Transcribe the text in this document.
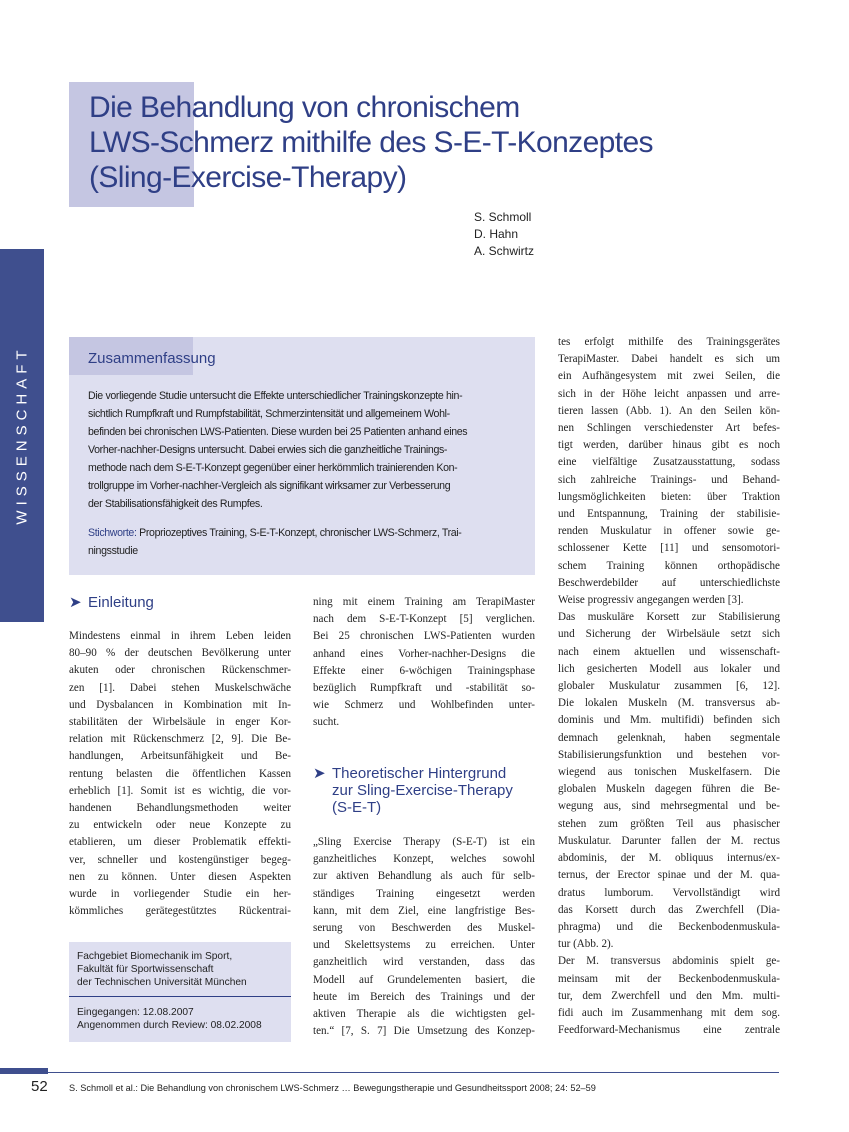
WISSENSCHAFT
Die Behandlung von chronischem
LWS-Schmerz mithilfe des S-E-T-Konzeptes
(Sling-Exercise-Therapy)
S. Schmoll
D. Hahn
A. Schwirtz
Zusammenfassung
Die vorliegende Studie untersucht die Effekte unterschiedlicher Trainingskonzepte hin-
sichtlich Rumpfkraft und Rumpfstabilität, Schmerzintensität und allgemeinem Wohl-
befinden bei chronischen LWS-Patienten. Diese wurden bei 25 Patienten anhand eines
Vorher-nachher-Designs untersucht. Dabei erwies sich die ganzheitliche Trainings-
methode nach dem S-E-T-Konzept gegenüber einer herkömmlich trainierenden Kon-
trollgruppe im Vorher-nachher-Vergleich als signifikant wirksamer zur Verbesserung
der Stabilisationsfähigkeit des Rumpfes.
Stichworte: Propriozeptives Training, S-E-T-Konzept, chronischer LWS-Schmerz, Trai-
ningsstudie
➤ Einleitung
Mindestens einmal in ihrem Leben leiden
80–90 % der deutschen Bevölkerung unter
akuten oder chronischen Rückenschmer-
zen [1]. Dabei stehen Muskelschwäche
und Dysbalancen in Kombination mit In-
stabilitäten der Wirbelsäule in enger Kor-
relation mit Rückenschmerz [2, 9]. Die Be-
handlungen, Arbeitsunfähigkeit und Be-
rentung belasten die öffentlichen Kassen
erheblich [1]. Somit ist es wichtig, die vor-
handenen Behandlungsmethoden weiter
zu entwickeln oder neue Konzepte zu
etablieren, um dieser Problematik effekti-
ver, schneller und kostengünstiger begeg-
nen zu können. Unter diesen Aspekten
wurde in vorliegender Studie ein her-
kömmliches gerätegestütztes Rückentrai-
Fachgebiet Biomechanik im Sport,
Fakultät für Sportwissenschaft
der Technischen Universität München
Eingegangen: 12.08.2007
Angenommen durch Review: 08.02.2008
ning mit einem Training am TerapiMaster
nach dem S-E-T-Konzept [5] verglichen.
Bei 25 chronischen LWS-Patienten wurden
anhand eines Vorher-nachher-Designs die
Effekte einer 6-wöchigen Trainingsphase
bezüglich Rumpfkraft und -stabilität so-
wie Schmerz und Wohlbefinden unter-
sucht.
➤ Theoretischer Hintergrund
zur Sling-Exercise-Therapy
(S-E-T)
„Sling Exercise Therapy (S-E-T) ist ein
ganzheitliches Konzept, welches sowohl
zur aktiven Behandlung als auch für selb-
ständiges Training eingesetzt werden
kann, mit dem Ziel, eine langfristige Bes-
serung von Beschwerden des Muskel-
und Skelettsystems zu erreichen. Unter
ganzheitlich wird verstanden, dass das
Modell auf Grundelementen basiert, die
heute im Bereich des Trainings und der
aktiven Therapie als die wichtigsten gel-
ten.“ [7, S. 7] Die Umsetzung des Konzep-
tes erfolgt mithilfe des Trainingsgerätes
TerapiMaster. Dabei handelt es sich um
ein Aufhängesystem mit zwei Seilen, die
sich in der Höhe leicht anpassen und arre-
tieren lassen (Abb. 1). An den Seilen kön-
nen Schlingen verschiedenster Art befes-
tigt werden, darüber hinaus gibt es noch
eine vielfältige Zusatzausstattung, sodass
sich zahlreiche Trainings- und Behand-
lungsmöglichkeiten bieten: über Traktion
und Entspannung, Training der stabilisie-
renden Muskulatur in offener sowie ge-
schlossener Kette [11] und sensomotori-
schem Training können orthopädische
Beschwerdebilder auf unterschiedlichste
Weise progressiv angegangen werden [3].
Das muskuläre Korsett zur Stabilisierung
und Sicherung der Wirbelsäule setzt sich
nach einem aktuellen und wissenschaft-
lich gesicherten Modell aus lokaler und
globaler Muskulatur zusammen [6, 12].
Die lokalen Muskeln (M. transversus ab-
dominis und Mm. multifidi) befinden sich
demnach gelenknah, haben segmentale
Stabilisierungsfunktion und bestehen vor-
wiegend aus tonischen Muskelfasern. Die
globalen Muskeln dagegen führen die Be-
wegung aus, sind mehrsegmental und be-
stehen zum größten Teil aus phasischer
Muskulatur. Darunter fallen der M. rectus
abdominis, der M. obliquus internus/ex-
ternus, der Erector spinae und der M. qua-
dratus lumborum. Vervollständigt wird
das Korsett durch das Zwerchfell (Dia-
phragma) und die Beckenbodenmuskula-
tur (Abb. 2).
Der M. transversus abdominis spielt ge-
meinsam mit der Beckenbodenmuskula-
tur, dem Zwerchfell und den Mm. multi-
fidi auch im Zusammenhang mit dem sog.
Feedforward-Mechanismus eine zentrale
52 S. Schmoll et al.: Die Behandlung von chronischem LWS-Schmerz … Bewegungstherapie und Gesundheitssport 2008; 24: 52–59
